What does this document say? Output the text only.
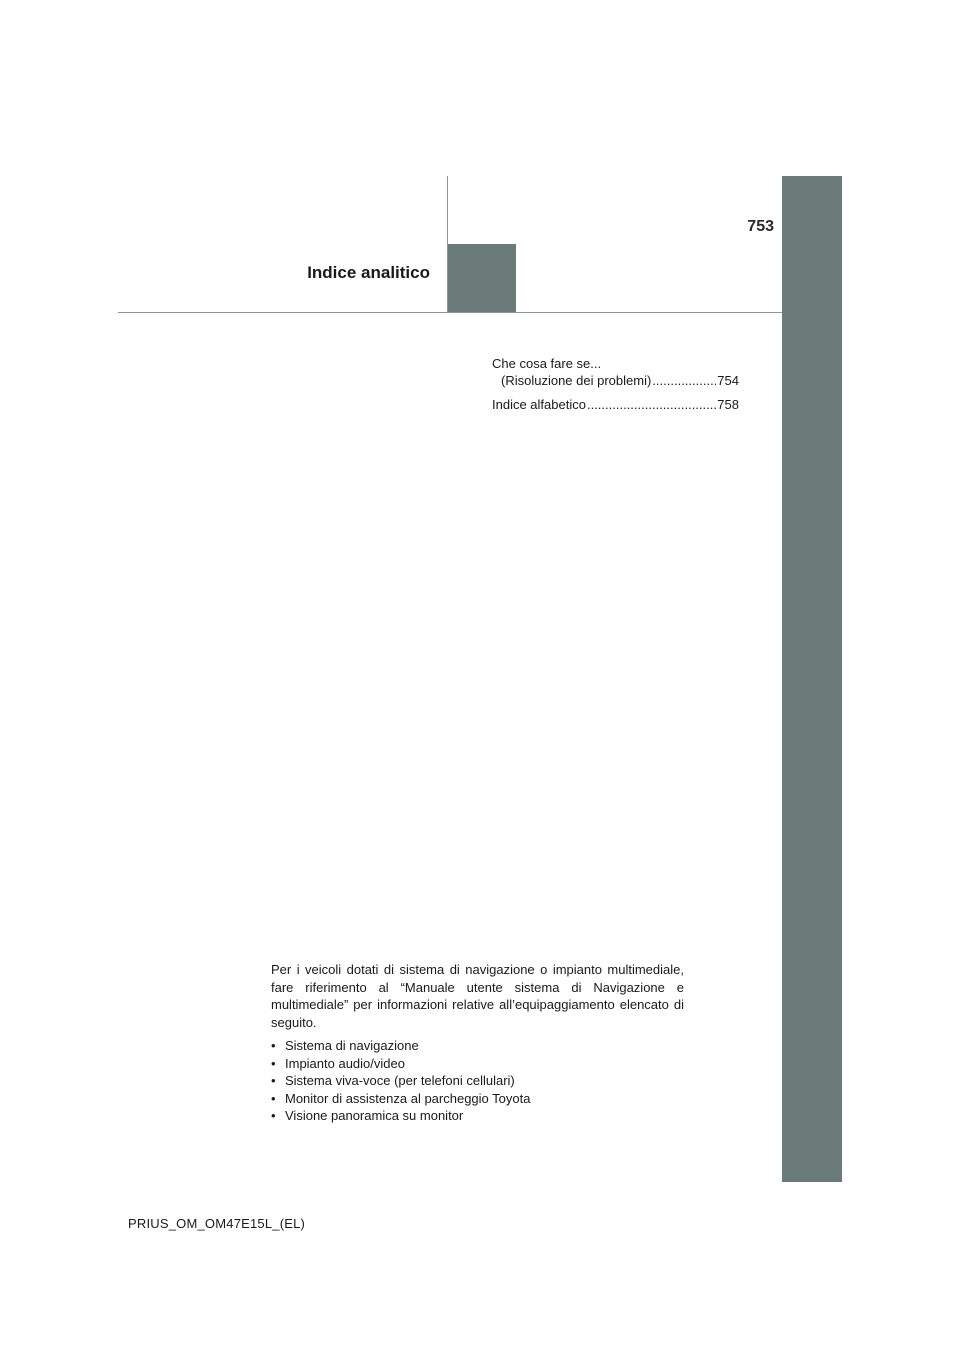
753
Indice analitico
Che cosa fare se...
(Risoluzione dei problemi) .....	754
Indice alfabetico .....	758

Per i veicoli dotati di sistema di navigazione o impianto multimediale, fare riferimento al “Manuale utente sistema di Navigazione e multimediale” per informazioni relative all’equipaggiamento elencato di seguito.

• Sistema di navigazione
• Impianto audio/video
• Sistema viva-voce (per telefoni cellulari)
• Monitor di assistenza al parcheggio Toyota
• Visione panoramica su monitor
PRIUS_OM_OM47E15L_(EL)
